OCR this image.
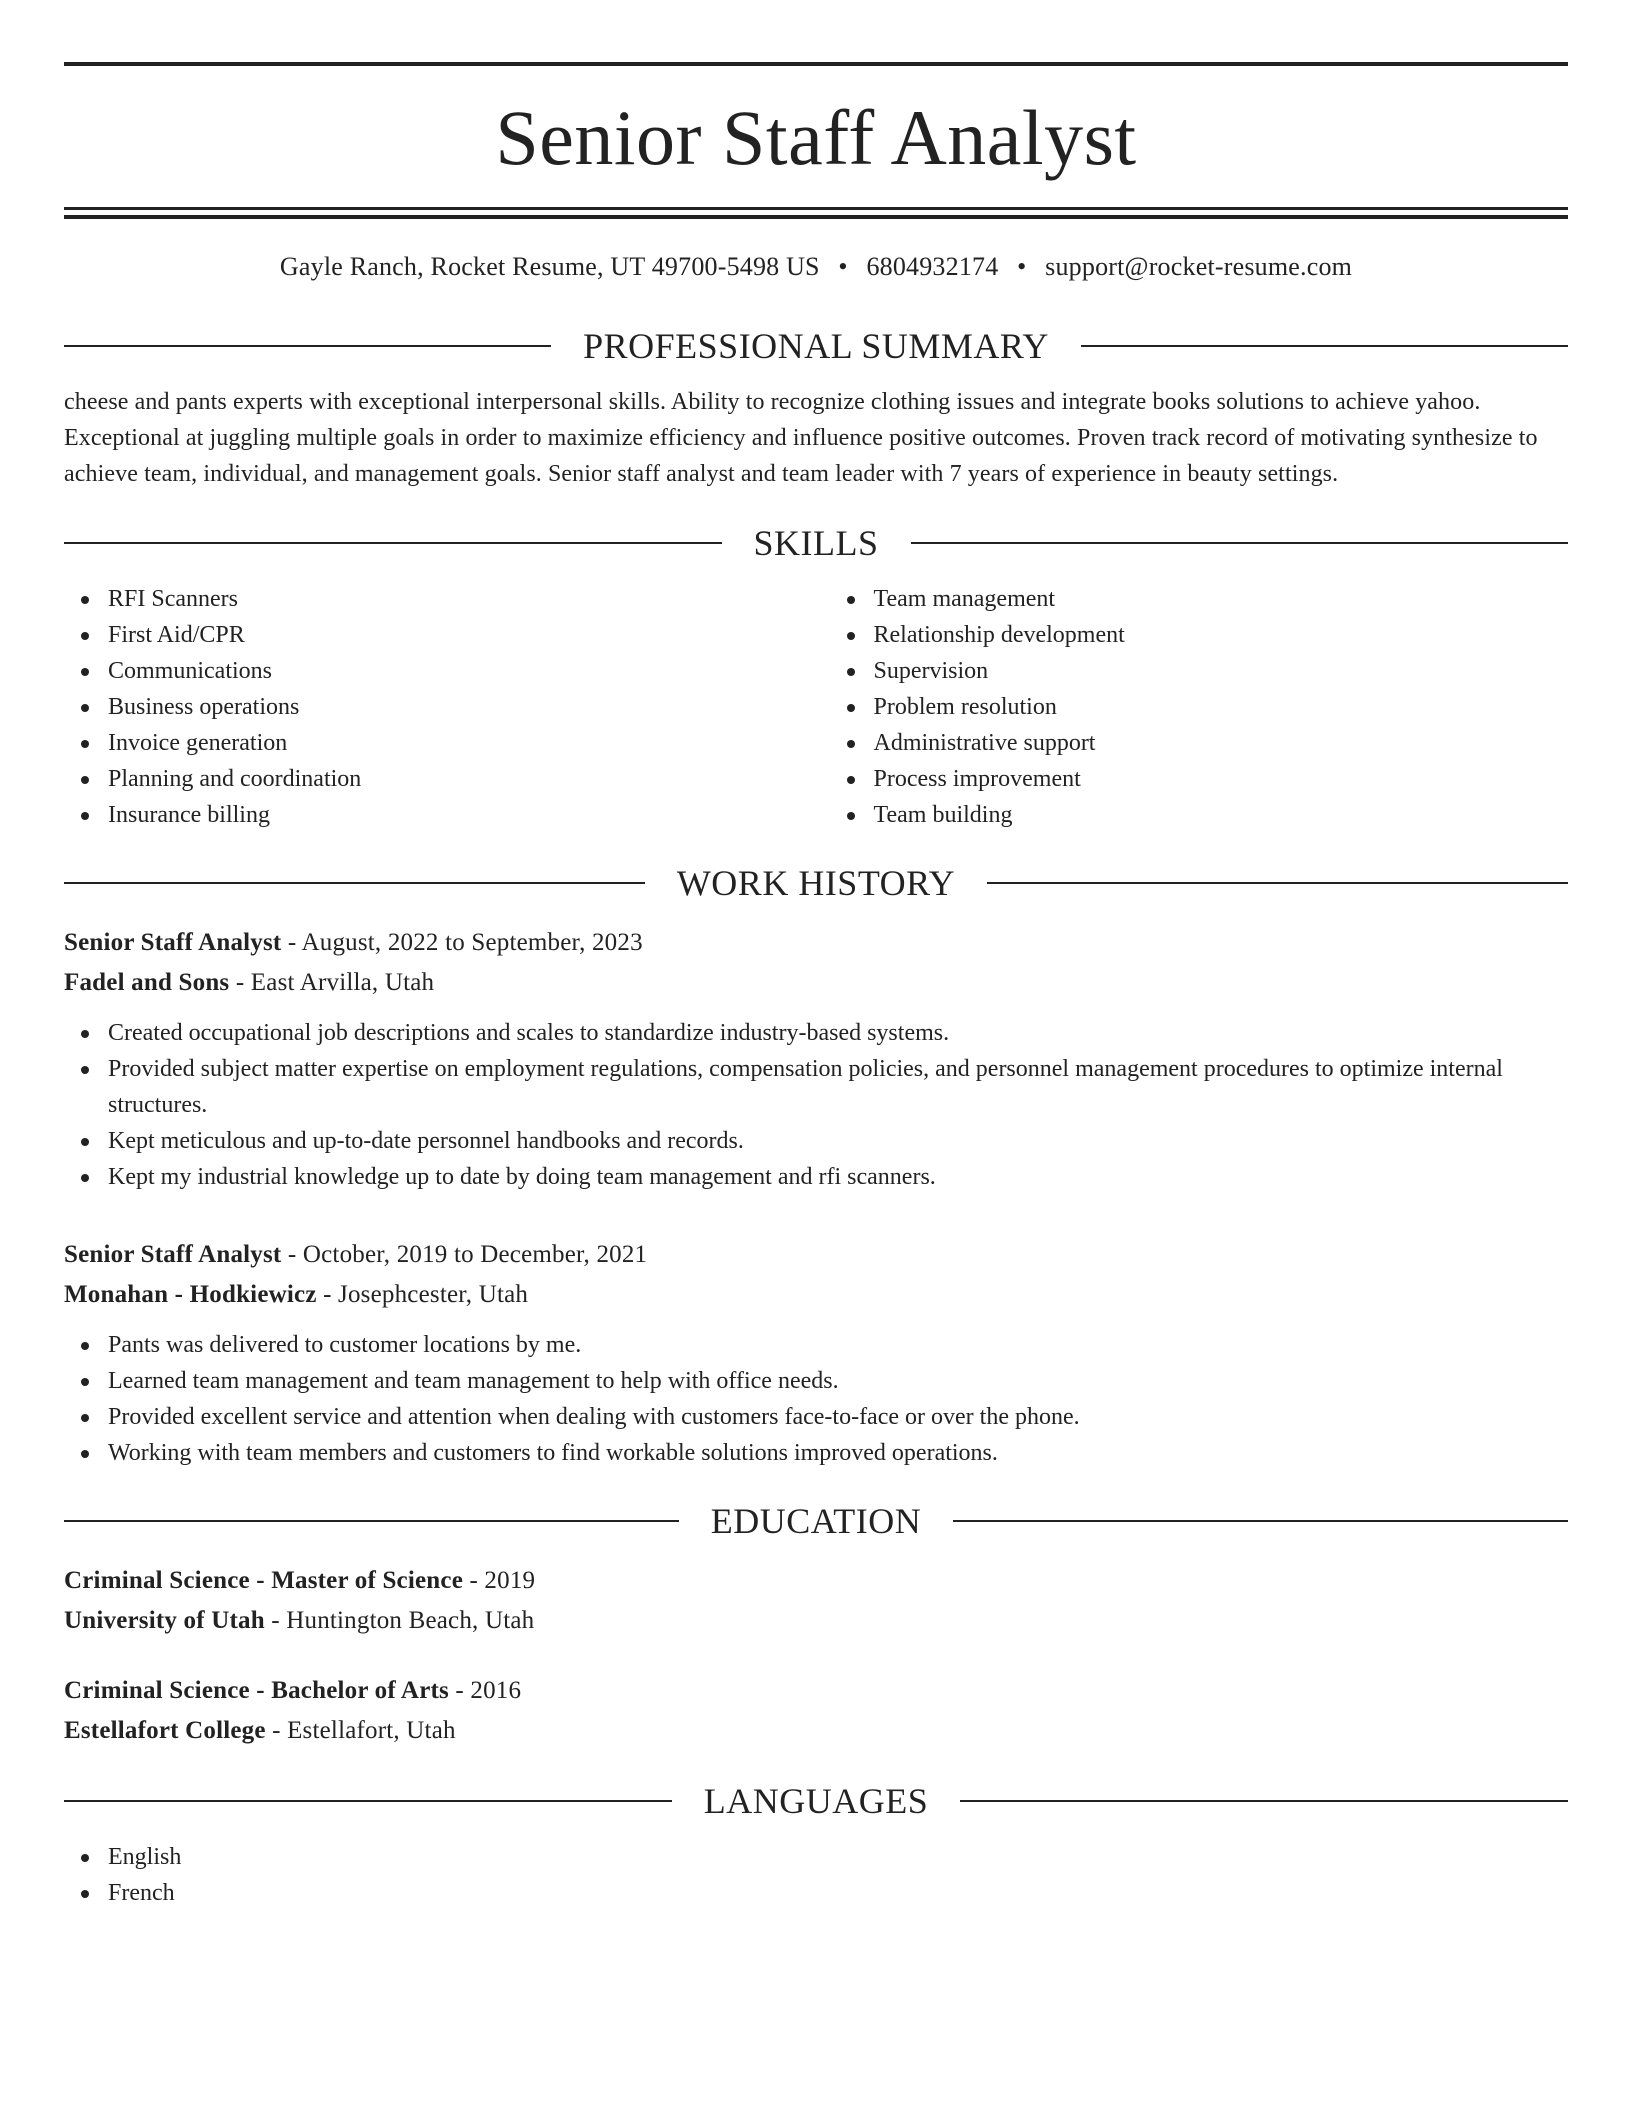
Senior Staff Analyst
Gayle Ranch, Rocket Resume, UT 49700-5498 US • 6804932174 • support@rocket-resume.com
PROFESSIONAL SUMMARY

cheese and pants experts with exceptional interpersonal skills. Ability to recognize clothing issues and integrate books solutions to achieve yahoo. Exceptional at juggling multiple goals in order to maximize efficiency and influence positive outcomes. Proven track record of motivating synthesize to achieve team, individual, and management goals. Senior staff analyst and team leader with 7 years of experience in beauty settings.

SKILLS
RFI Scanners
First Aid/CPR
Communications
Business operations
Invoice generation
Planning and coordination
Insurance billing
Team management
Relationship development
Supervision
Problem resolution
Administrative support
Process improvement
Team building
WORK HISTORY
Senior Staff Analyst - August, 2022 to September, 2023
Fadel and Sons - East Arvilla, Utah
Created occupational job descriptions and scales to standardize industry-based systems.
Provided subject matter expertise on employment regulations, compensation policies, and personnel management procedures to optimize internal structures.
Kept meticulous and up-to-date personnel handbooks and records.
Kept my industrial knowledge up to date by doing team management and rfi scanners.
Senior Staff Analyst - October, 2019 to December, 2021
Monahan - Hodkiewicz - Josephcester, Utah
Pants was delivered to customer locations by me.
Learned team management and team management to help with office needs.
Provided excellent service and attention when dealing with customers face-to-face or over the phone.
Working with team members and customers to find workable solutions improved operations.
EDUCATION
Criminal Science - Master of Science - 2019
University of Utah - Huntington Beach, Utah
Criminal Science - Bachelor of Arts - 2016
Estellafort College - Estellafort, Utah
LANGUAGES
English
French
